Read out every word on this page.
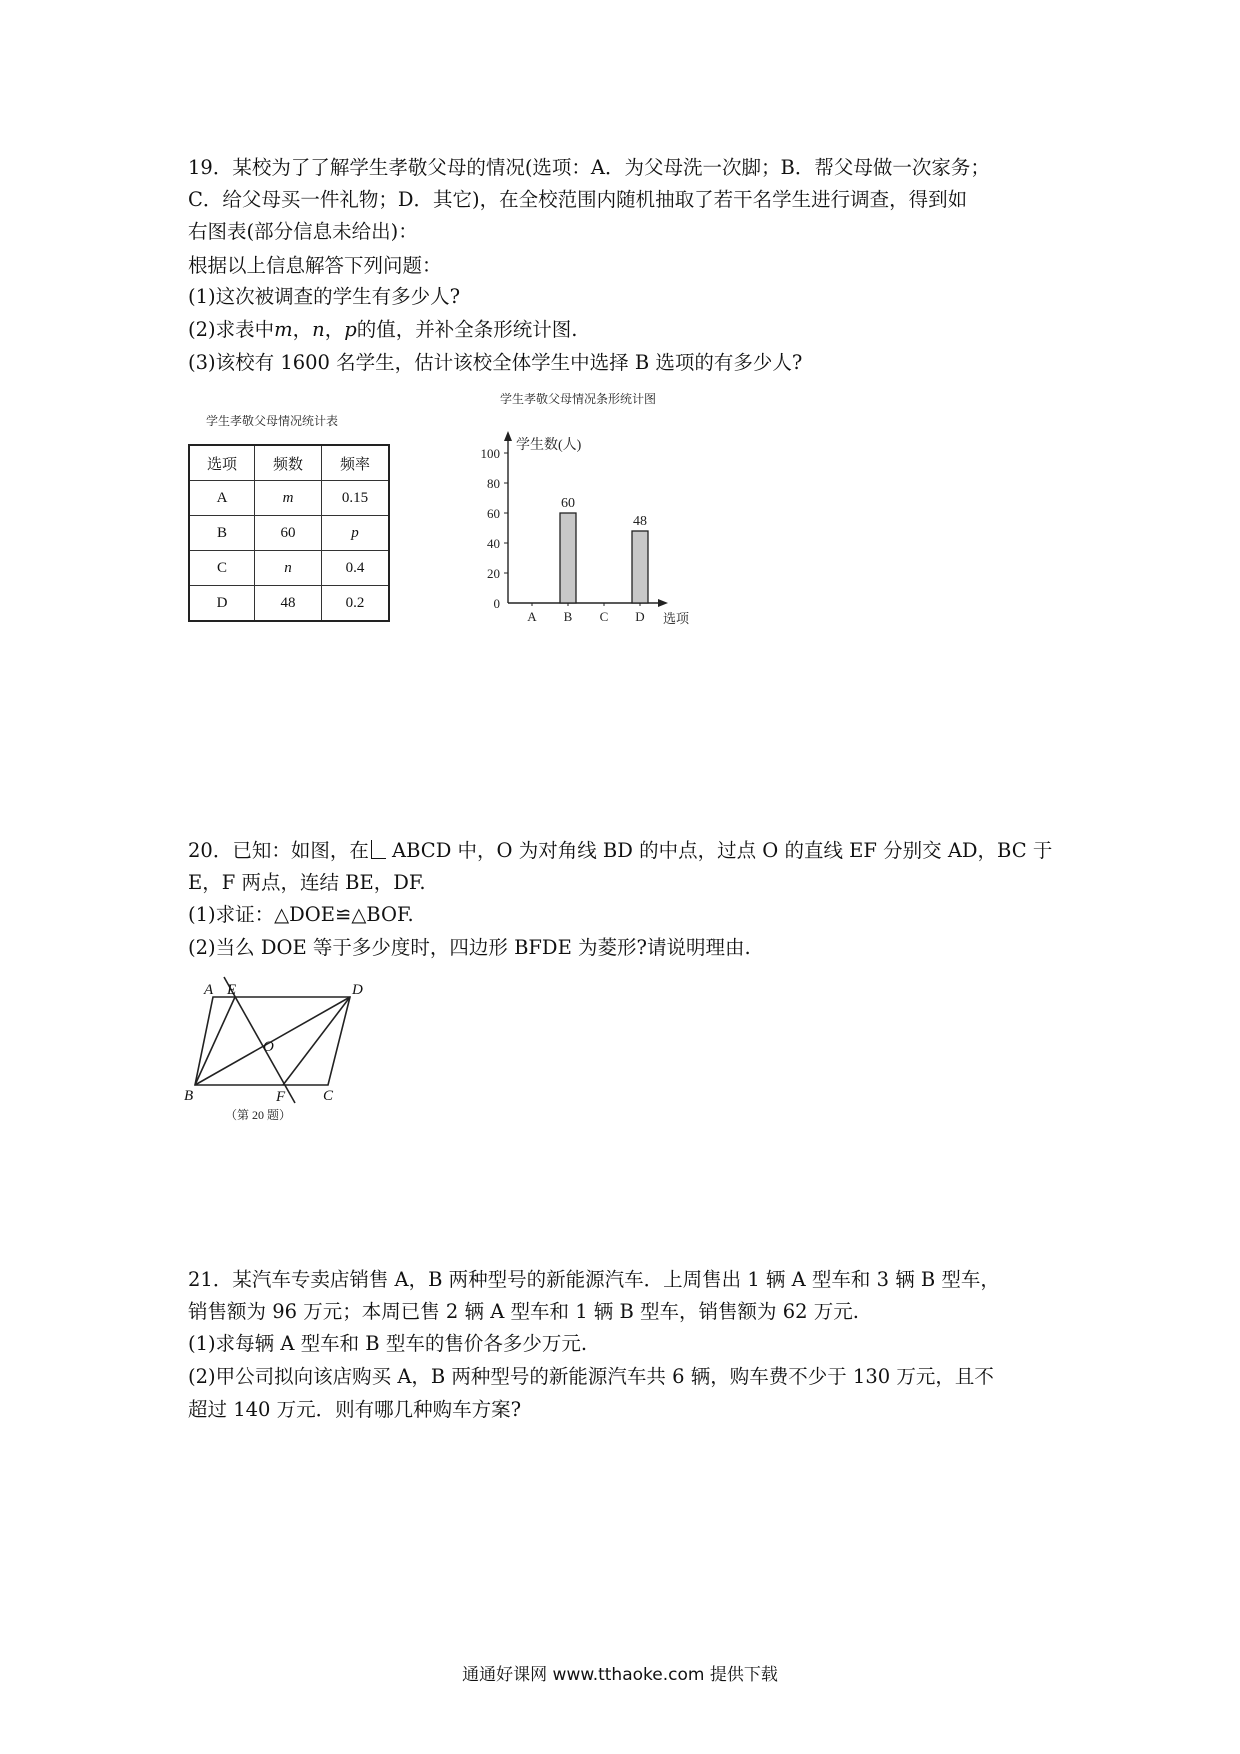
19．某校为了了解学生孝敬父母的情况(选项：A．为父母洗一次脚；B．帮父母做一次家务；
C．给父母买一件礼物；D．其它)，在全校范围内随机抽取了若干名学生进行调查，得到如
右图表(部分信息未给出)：
根据以上信息解答下列问题：
(1)这次被调查的学生有多少人?
(2)求表中m，n，p的值，并补全条形统计图.
(3)该校有 1600 名学生，估计该校全体学生中选择 B 选项的有多少人?
学生孝敬父母情况统计表
选项	频数	频率
A	m	0.15
B	60	p
C	n	0.4
D	48	0.2
学生孝敬父母情况条形统计图
学生数(人)
0
20
40
60
80
100
A
60
B C
48
D 选项
20．已知：如图，在 ABCD 中，O 为对角线 BD 的中点，过点 O 的直线 EF 分别交 AD，BC 于
E，F 两点，连结 BE，DF.
(1)求证：△DOE≌△BOF.
(2)当么 DOE 等于多少度时，四边形 BFDE 为菱形?请说明理由.
A E	D
O
B	F	C
（第 20 题）
21．某汽车专卖店销售 A，B 两种型号的新能源汽车．上周售出 1 辆 A 型车和 3 辆 B 型车，
销售额为 96 万元；本周已售 2 辆 A 型车和 1 辆 B 型车，销售额为 62 万元.
(1)求每辆 A 型车和 B 型车的售价各多少万元.
(2)甲公司拟向该店购买 A，B 两种型号的新能源汽车共 6 辆，购车费不少于 130 万元，且不
超过 140 万元．则有哪几种购车方案?
通通好课网 www.tthaoke.com 提供下载
